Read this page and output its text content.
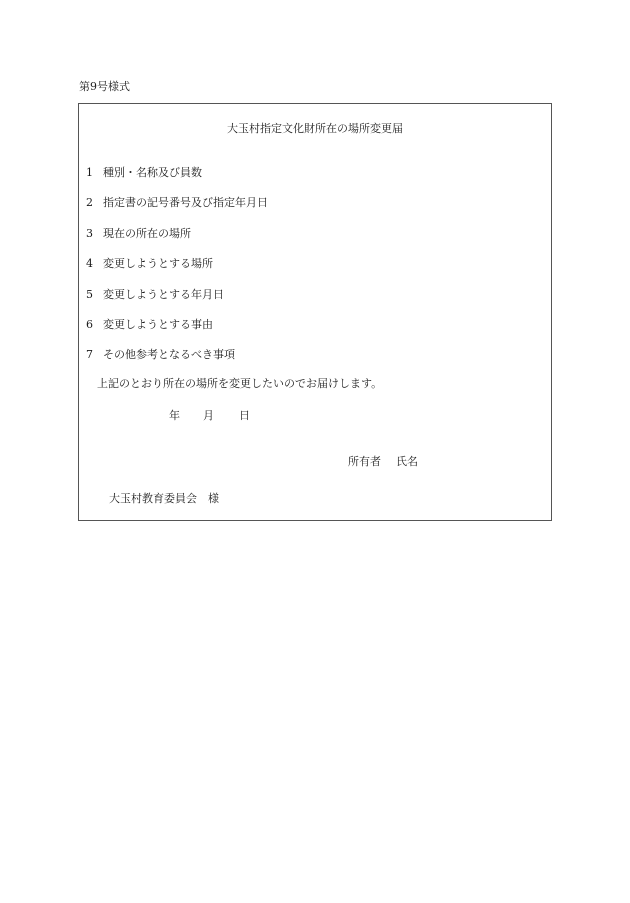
第9号様式
大玉村指定文化財所在の場所変更届
1 種別・名称及び員数
2 指定書の記号番号及び指定年月日
3 現在の所在の場所
4 変更しようとする場所
5 変更しようとする年月日
6 変更しようとする事由
7 その他参考となるべき事項
上記のとおり所在の場所を変更したいのでお届けします。
年 月 日
所有者 氏名
大玉村教育委員会 様
